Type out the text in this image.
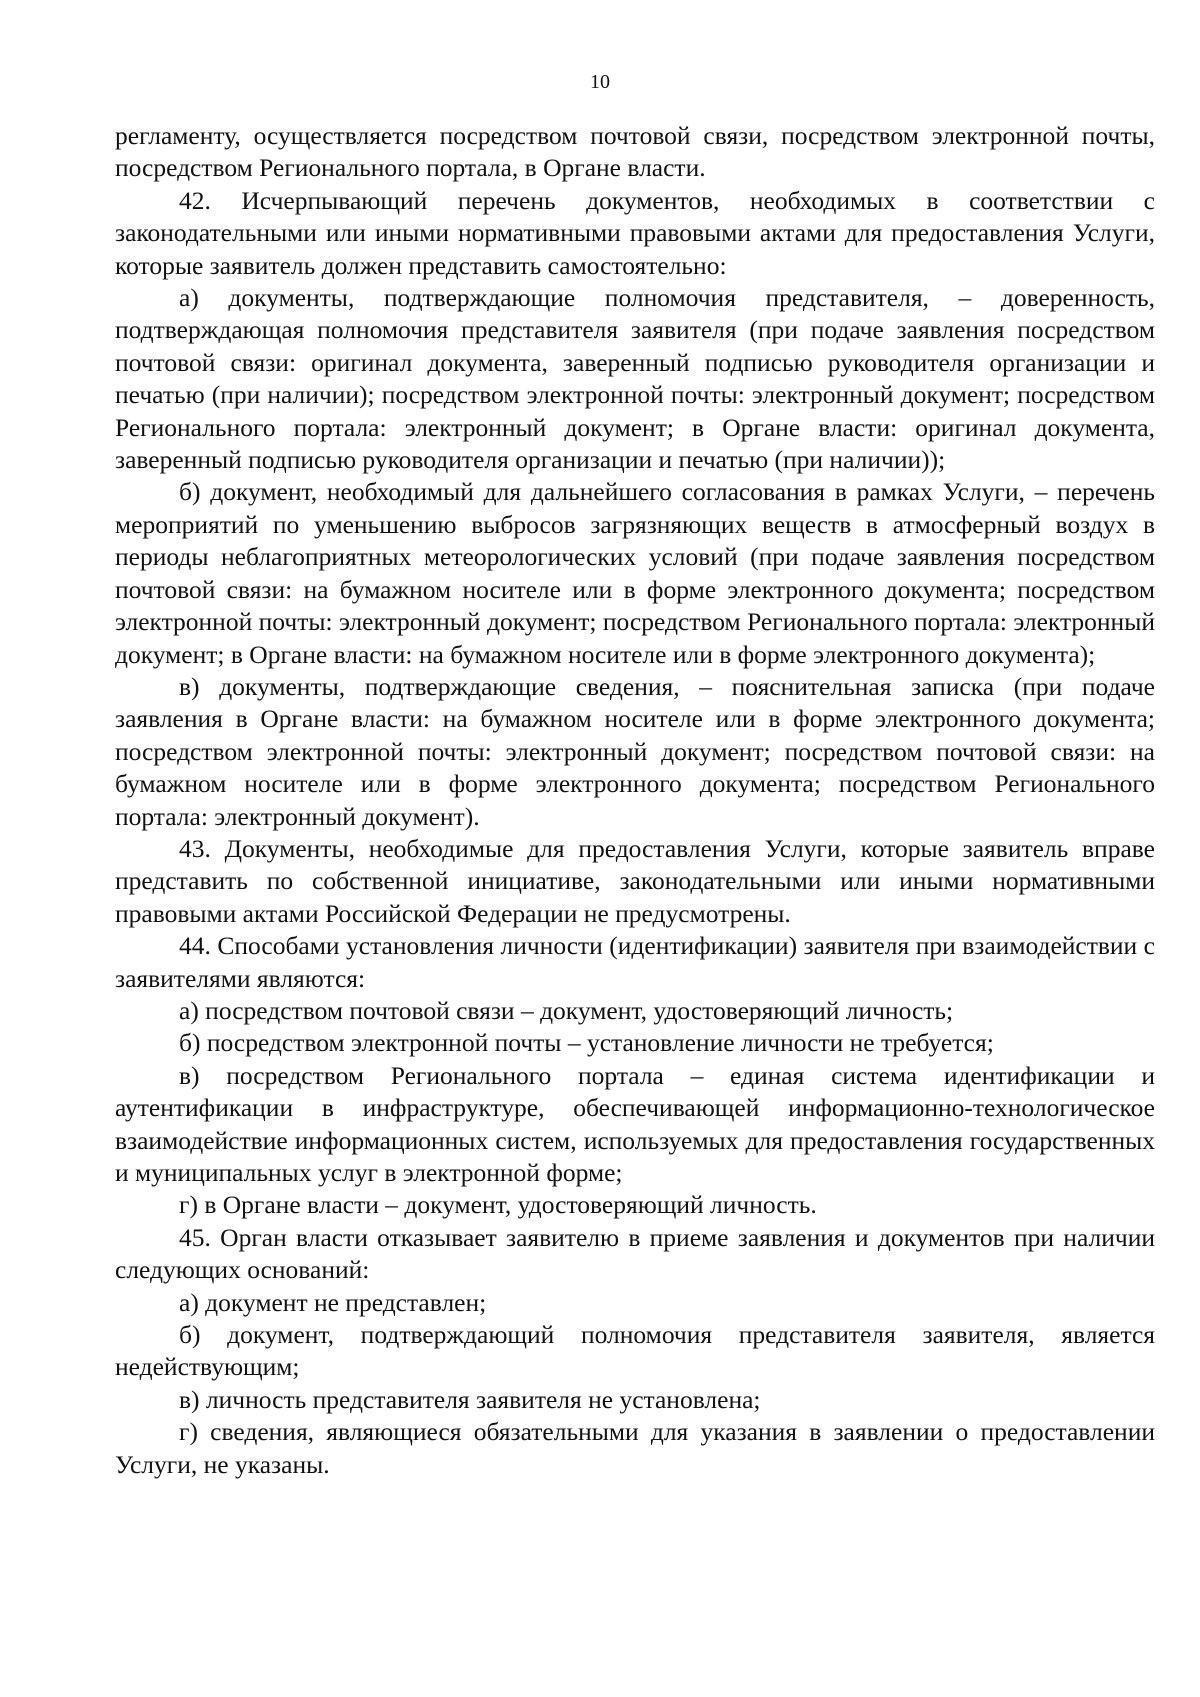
10

регламенту, осуществляется посредством почтовой связи, посредством электронной почты, посредством Регионального портала, в Органе власти.

42. Исчерпывающий перечень документов, необходимых в соответствии с законодательными или иными нормативными правовыми актами для предоставления Услуги, которые заявитель должен представить самостоятельно:

а) документы, подтверждающие полномочия представителя, – доверенность, подтверждающая полномочия представителя заявителя (при подаче заявления посредством почтовой связи: оригинал документа, заверенный подписью руководителя организации и печатью (при наличии); посредством электронной почты: электронный документ; посредством Регионального портала: электронный документ; в Органе власти: оригинал документа, заверенный подписью руководителя организации и печатью (при наличии));

б) документ, необходимый для дальнейшего согласования в рамках Услуги, – перечень мероприятий по уменьшению выбросов загрязняющих веществ в атмосферный воздух в периоды неблагоприятных метеорологических условий (при подаче заявления посредством почтовой связи: на бумажном носителе или в форме электронного документа; посредством электронной почты: электронный документ; посредством Регионального портала: электронный документ; в Органе власти: на бумажном носителе или в форме электронного документа);

в) документы, подтверждающие сведения, – пояснительная записка (при подаче заявления в Органе власти: на бумажном носителе или в форме электронного документа; посредством электронной почты: электронный документ; посредством почтовой связи: на бумажном носителе или в форме электронного документа; посредством Регионального портала: электронный документ).

43. Документы, необходимые для предоставления Услуги, которые заявитель вправе представить по собственной инициативе, законодательными или иными нормативными правовыми актами Российской Федерации не предусмотрены.

44. Способами установления личности (идентификации) заявителя при взаимодействии с заявителями являются:

а) посредством почтовой связи – документ, удостоверяющий личность;

б) посредством электронной почты – установление личности не требуется;

в) посредством Регионального портала – единая система идентификации и аутентификации в инфраструктуре, обеспечивающей информационно-технологическое взаимодействие информационных систем, используемых для предоставления государственных и муниципальных услуг в электронной форме;

г) в Органе власти – документ, удостоверяющий личность.

45. Орган власти отказывает заявителю в приеме заявления и документов при наличии следующих оснований:

а) документ не представлен;

б) документ, подтверждающий полномочия представителя заявителя, является недействующим;

в) личность представителя заявителя не установлена;

г) сведения, являющиеся обязательными для указания в заявлении о предоставлении Услуги, не указаны.
